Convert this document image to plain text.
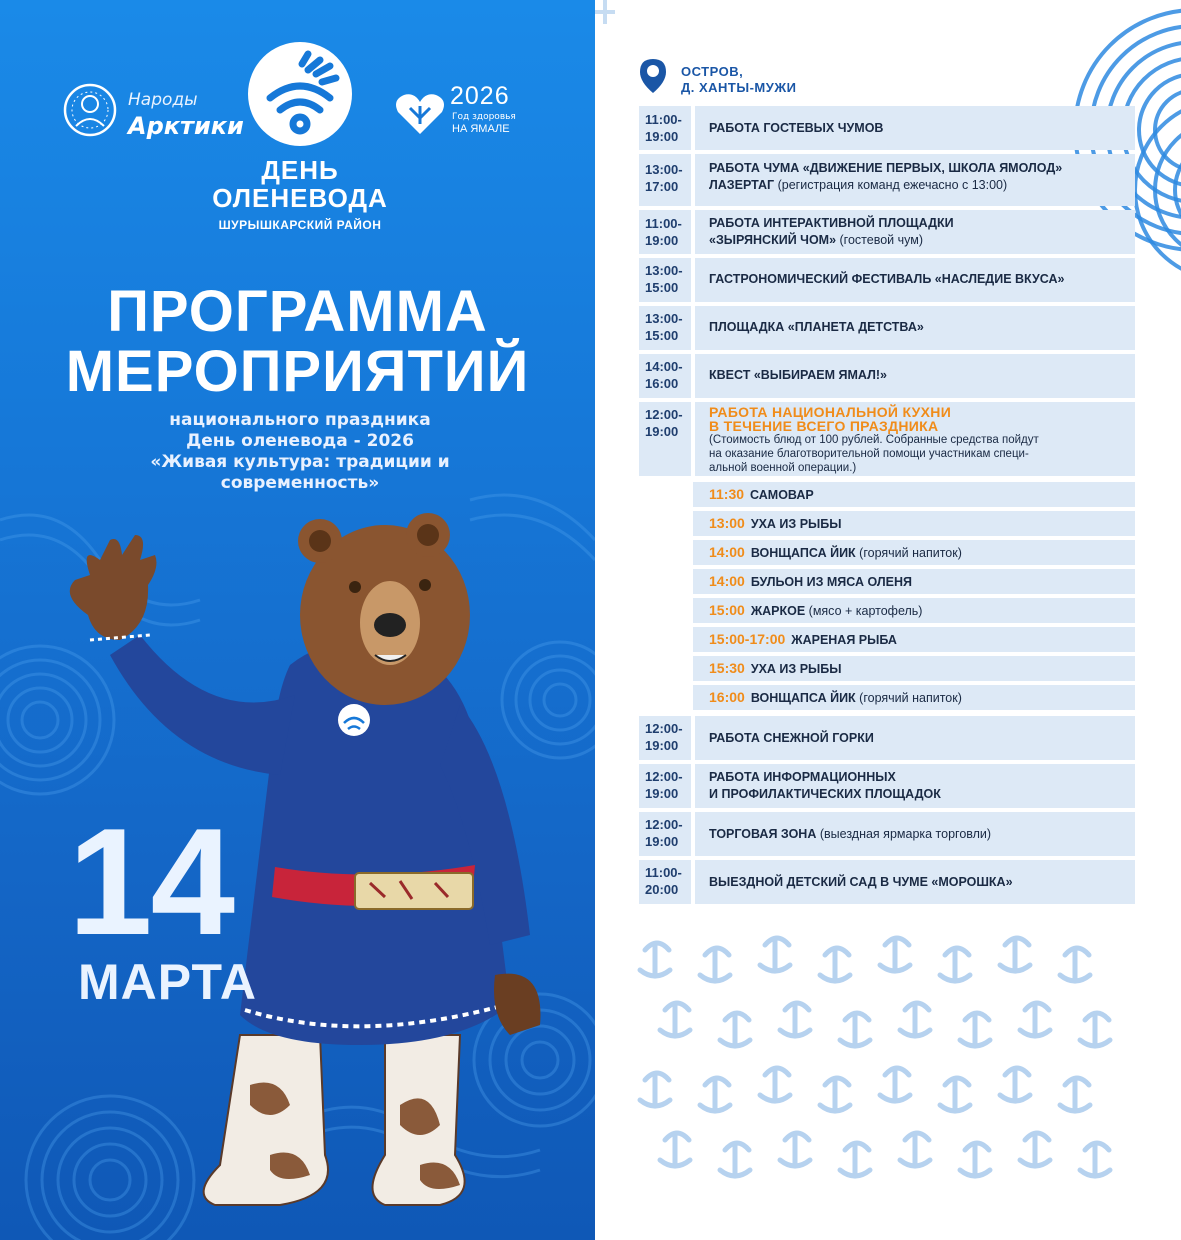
Народы
Арктики
ДЕНЬ
ОЛЕНЕВОДА
ШУРЫШКАРСКИЙ РАЙОН
2026
Год здоровья
НА ЯМАЛЕ
ПРОГРАММА
МЕРОПРИЯТИЙ
национального праздника
День оленевода - 2026
«Живая культура: традиции и
современность»
14
МАРТА
ОСТРОВ,
Д. ХАНТЫ-МУЖИ
11:00-
19:00
РАБОТА ГОСТЕВЫХ ЧУМОВ
13:00-
17:00
РАБОТА ЧУМА «ДВИЖЕНИЕ ПЕРВЫХ, ШКОЛА ЯМОЛОД»
ЛАЗЕРТАГ (регистрация команд ежечасно с 13:00)
11:00-
19:00
РАБОТА ИНТЕРАКТИВНОЙ ПЛОЩАДКИ
«ЗЫРЯНСКИЙ ЧОМ» (гостевой чум)
13:00-
15:00
ГАСТРОНОМИЧЕСКИЙ ФЕСТИВАЛЬ «НАСЛЕДИЕ ВКУСА»
13:00-
15:00
ПЛОЩАДКА «ПЛАНЕТА ДЕТСТВА»
14:00-
16:00
КВЕСТ «ВЫБИРАЕМ ЯМАЛ!»
12:00-
19:00
РАБОТА НАЦИОНАЛЬНОЙ КУХНИ
В ТЕЧЕНИЕ ВСЕГО ПРАЗДНИКА
(Стоимость блюд от 100 рублей. Собранные средства пойдут
на оказание благотворительной помощи участникам специ-
альной военной операции.)
11:30 САМОВАР
13:00 УХА ИЗ РЫБЫ
14:00 ВОНЩАПСА ЙИК (горячий напиток)
14:00 БУЛЬОН ИЗ МЯСА ОЛЕНЯ
15:00 ЖАРКОЕ (мясо + картофель)
15:00-17:00 ЖАРЕНАЯ РЫБА
15:30 УХА ИЗ РЫБЫ
16:00 ВОНЩАПСА ЙИК (горячий напиток)
12:00-
19:00 РАБОТА СНЕЖНОЙ ГОРКИ
12:00-
19:00
РАБОТА ИНФОРМАЦИОННЫХ
И ПРОФИЛАКТИЧЕСКИХ ПЛОЩАДОК
12:00-
19:00 ТОРГОВАЯ ЗОНА (выездная ярмарка торговли)
11:00-
20:00 ВЫЕЗДНОЙ ДЕТСКИЙ САД В ЧУМЕ «МОРОШКА»
